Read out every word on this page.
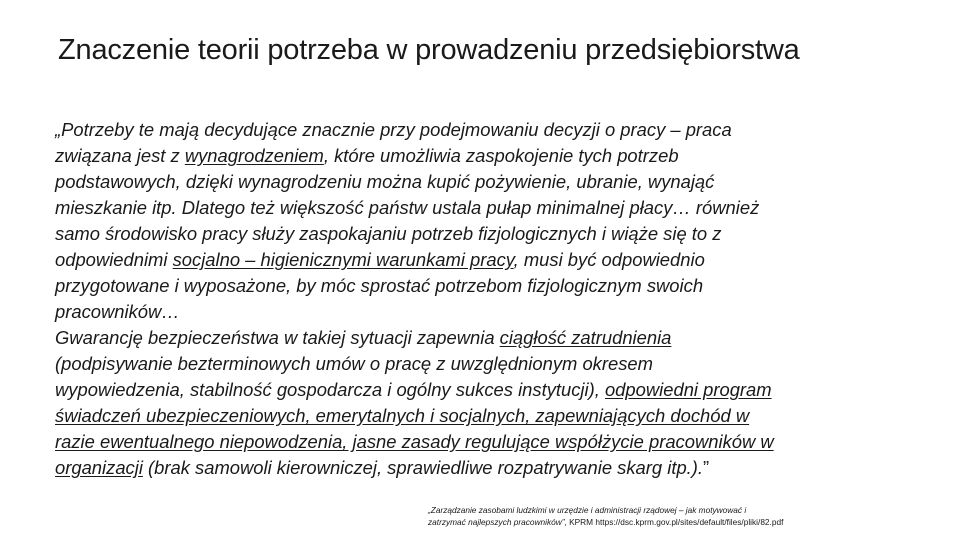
Znaczenie teorii potrzeba w prowadzeniu przedsiębiorstwa
„Potrzeby te mają decydujące znacznie przy podejmowaniu decyzji o pracy – praca
związana jest z wynagrodzeniem, które umożliwia zaspokojenie tych potrzeb
podstawowych, dzięki wynagrodzeniu można kupić pożywienie, ubranie, wynająć
mieszkanie itp. Dlatego też większość państw ustala pułap minimalnej płacy… również
samo środowisko pracy służy zaspokajaniu potrzeb fizjologicznych i wiąże się to z
odpowiednimi socjalno – higienicznymi warunkami pracy, musi być odpowiednio
przygotowane i wyposażone, by móc sprostać potrzebom fizjologicznym swoich
pracowników…
Gwarancję bezpieczeństwa w takiej sytuacji zapewnia ciągłość zatrudnienia
(podpisywanie bezterminowych umów o pracę z uwzględnionym okresem
wypowiedzenia, stabilność gospodarcza i ogólny sukces instytucji), odpowiedni program
świadczeń ubezpieczeniowych, emerytalnych i socjalnych, zapewniających dochód w
razie ewentualnego niepowodzenia, jasne zasady regulujące współżycie pracowników w
organizacji (brak samowoli kierowniczej, sprawiedliwe rozpatrywanie skarg itp.).”
„Zarządzanie zasobami ludzkimi w urzędzie i administracji rządowej – jak motywować i
zatrzymać najlepszych pracowników”, KPRM https://dsc.kprm.gov.pl/sites/default/files/pliki/82.pdf
